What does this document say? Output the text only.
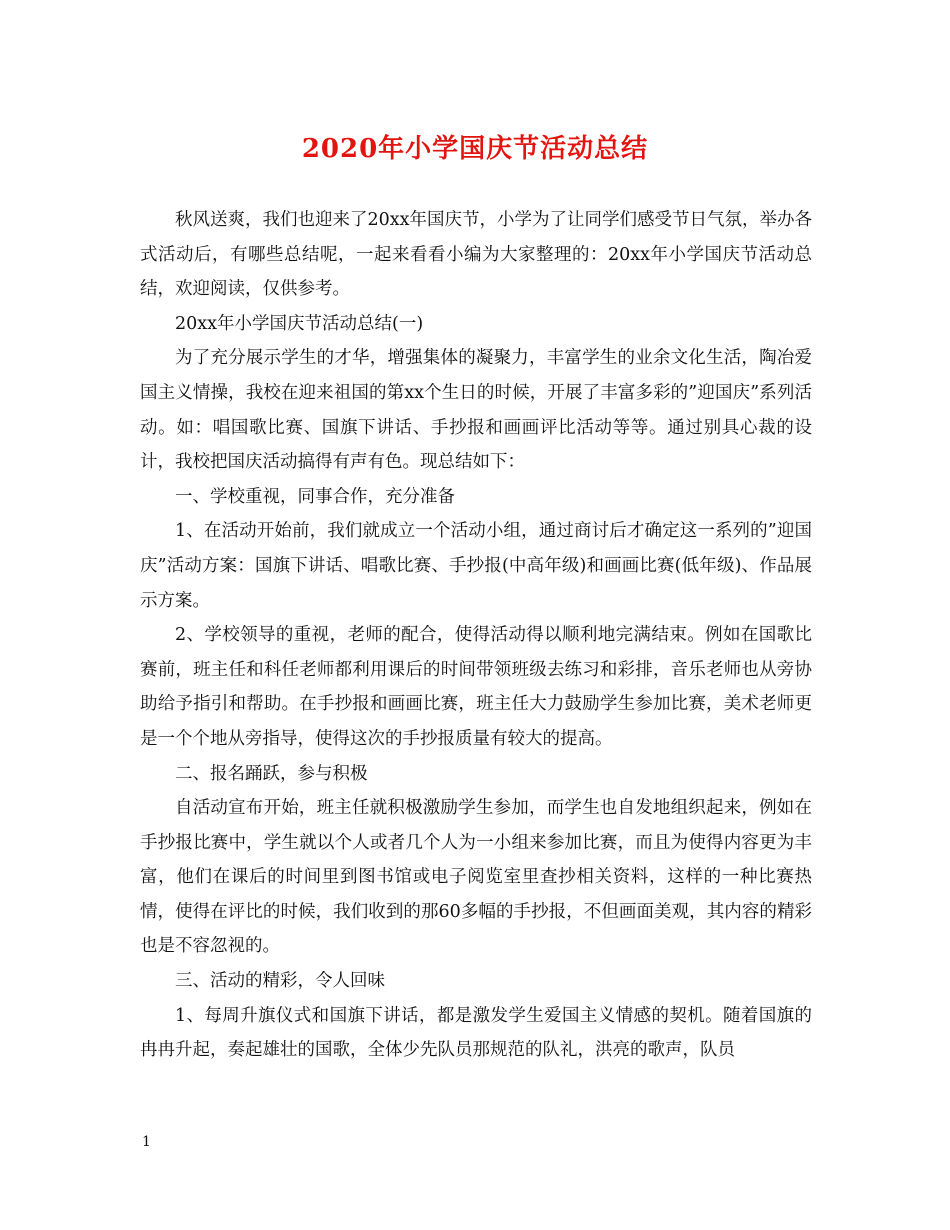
2020年小学国庆节活动总结

秋风送爽，我们也迎来了20xx年国庆节，小学为了让同学们感受节日气氛，举办各式活动后，有哪些总结呢，一起来看看小编为大家整理的：20xx年小学国庆节活动总结，欢迎阅读，仅供参考。

20xx年小学国庆节活动总结(一)

为了充分展示学生的才华，增强集体的凝聚力，丰富学生的业余文化生活，陶冶爱国主义情操，我校在迎来祖国的第xx个生日的时候，开展了丰富多彩的”迎国庆”系列活动。如：唱国歌比赛、国旗下讲话、手抄报和画画评比活动等等。通过别具心裁的设计，我校把国庆活动搞得有声有色。现总结如下：

一、学校重视，同事合作，充分准备

1、在活动开始前，我们就成立一个活动小组，通过商讨后才确定这一系列的”迎国庆”活动方案：国旗下讲话、唱歌比赛、手抄报(中高年级)和画画比赛(低年级)、作品展示方案。

2、学校领导的重视，老师的配合，使得活动得以顺利地完满结束。例如在国歌比赛前，班主任和科任老师都利用课后的时间带领班级去练习和彩排，音乐老师也从旁协助给予指引和帮助。在手抄报和画画比赛，班主任大力鼓励学生参加比赛，美术老师更是一个个地从旁指导，使得这次的手抄报质量有较大的提高。

二、报名踊跃，参与积极

自活动宣布开始，班主任就积极激励学生参加，而学生也自发地组织起来，例如在手抄报比赛中，学生就以个人或者几个人为一小组来参加比赛，而且为使得内容更为丰富，他们在课后的时间里到图书馆或电子阅览室里查抄相关资料，这样的一种比赛热情，使得在评比的时候，我们收到的那60多幅的手抄报，不但画面美观，其内容的精彩也是不容忽视的。

三、活动的精彩，令人回味

1、每周升旗仪式和国旗下讲话，都是激发学生爱国主义情感的契机。随着国旗的冉冉升起，奏起雄壮的国歌，全体少先队员那规范的队礼，洪亮的歌声，队员

1
